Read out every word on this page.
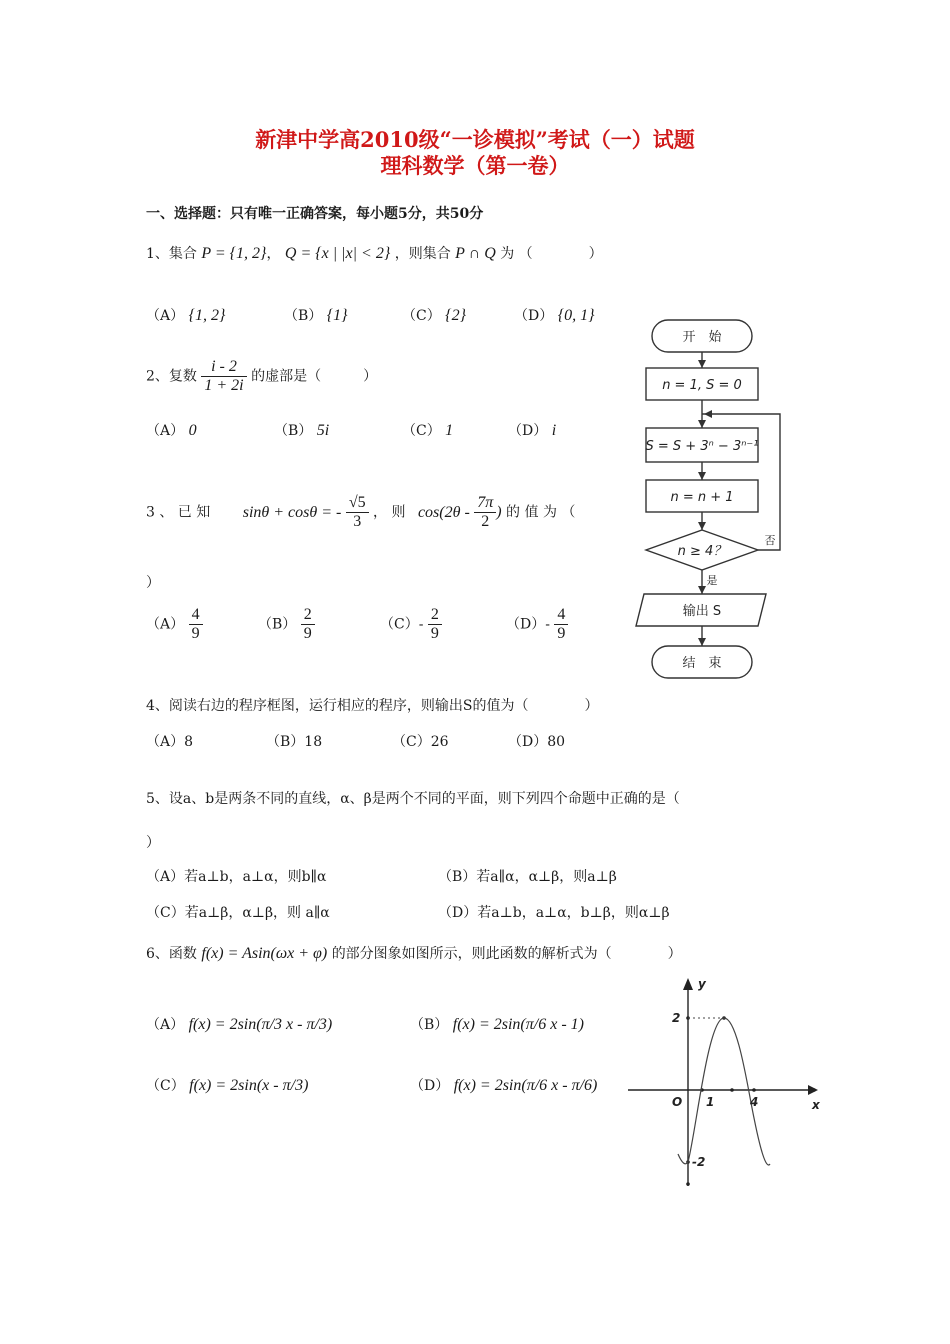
新津中学高2010级“一诊模拟”考试（一）试题
理科数学（第一卷）
一、选择题：只有唯一正确答案，每小题5分，共50分
1、集合 P = {1, 2}， Q = {x | |x| < 2} ，则集合 P ∩ Q 为 （　　　　）
（A） {1, 2}	（B） {1}	（C） {2}	（D） {0, 1}
2、复数 $\frac{i - 2}{1 + 2i}$ 的虚部是（　　　）
（A） 0	（B） 5i	（C） 1	（D） i
3 、 已 知 sinθ + cosθ = - $\frac{√5}{3}$ ， 则 $\cos(2\theta - \frac{7\pi}{2}$ ) 的 值 为 （
）
$(A) \frac{4}{9}$	$(B) \frac{2}{9}$	$(C)- \frac{2}{9}$	$(D)- \frac{4}{9}$
4、阅读右边的程序框图，运行相应的程序，则输出S的值为（　　　　）
（A）8	（B）18	（C）26	（D）80
5、设a、b是两条不同的直线，α、β是两个不同的平面，则下列四个命题中正确的是（
）
（A）若a⊥b，a⊥α，则b∥α	（B）若a∥α，α⊥β，则a⊥β
（C）若a⊥β，α⊥β，则 a∥α	（D）若a⊥b，a⊥α，b⊥β，则α⊥β
6、函数 f(x) = Asin(ωx + φ) 的部分图象如图所示，则此函数的解析式为（　　　　）
（A） f(x) = 2sin(π/3 x - π/3)	（B） f(x) = 2sin(π/6 x - 1)
（C） f(x) = 2sin(x - π/3)	（D） f(x) = 2sin(π/6 x - π/6)
开　始
n = 1, S = 0
S = S + 3ⁿ − 3ⁿ⁻¹
n = n + 1
n ≥ 4？
输出 S
结　束
否
是
y
x
2
-2
O 1	4
